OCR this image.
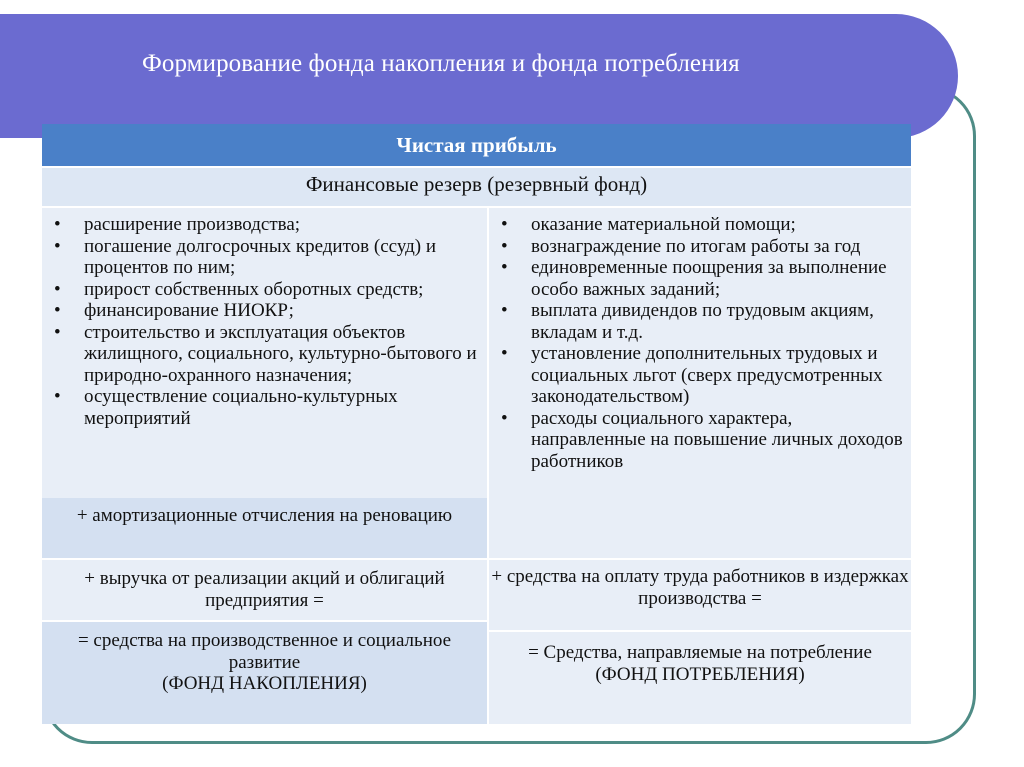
Формирование фонда накопления и фонда потребления
Чистая прибыль
Финансовые резерв (резервный фонд)
• расширение производства;
• погашение долгосрочных кредитов (ссуд) и процентов по ним;
• прирост собственных оборотных средств;
• финансирование НИОКР;
• строительство и эксплуатация объектов жилищного, социального, культурно-бытового и природно-охранного назначения;
• осуществление социально-культурных мероприятий
• оказание материальной помощи;
• вознаграждение по итогам работы за год
• единовременные поощрения за выполнение особо важных заданий;
• выплата дивидендов по трудовым акциям, вкладам и т.д.
• установление дополнительных трудовых и социальных льгот (сверх предусмотренных законодательством)
• расходы социального характера, направленные на повышение личных доходов работников
+ амортизационные отчисления на реновацию
+ выручка от реализации акций и облигаций предприятия =
= средства на производственное и социальное развитие
(ФОНД НАКОПЛЕНИЯ)
+ средства на оплату труда работников в издержках производства =
= Средства, направляемые на потребление
(ФОНД ПОТРЕБЛЕНИЯ)
